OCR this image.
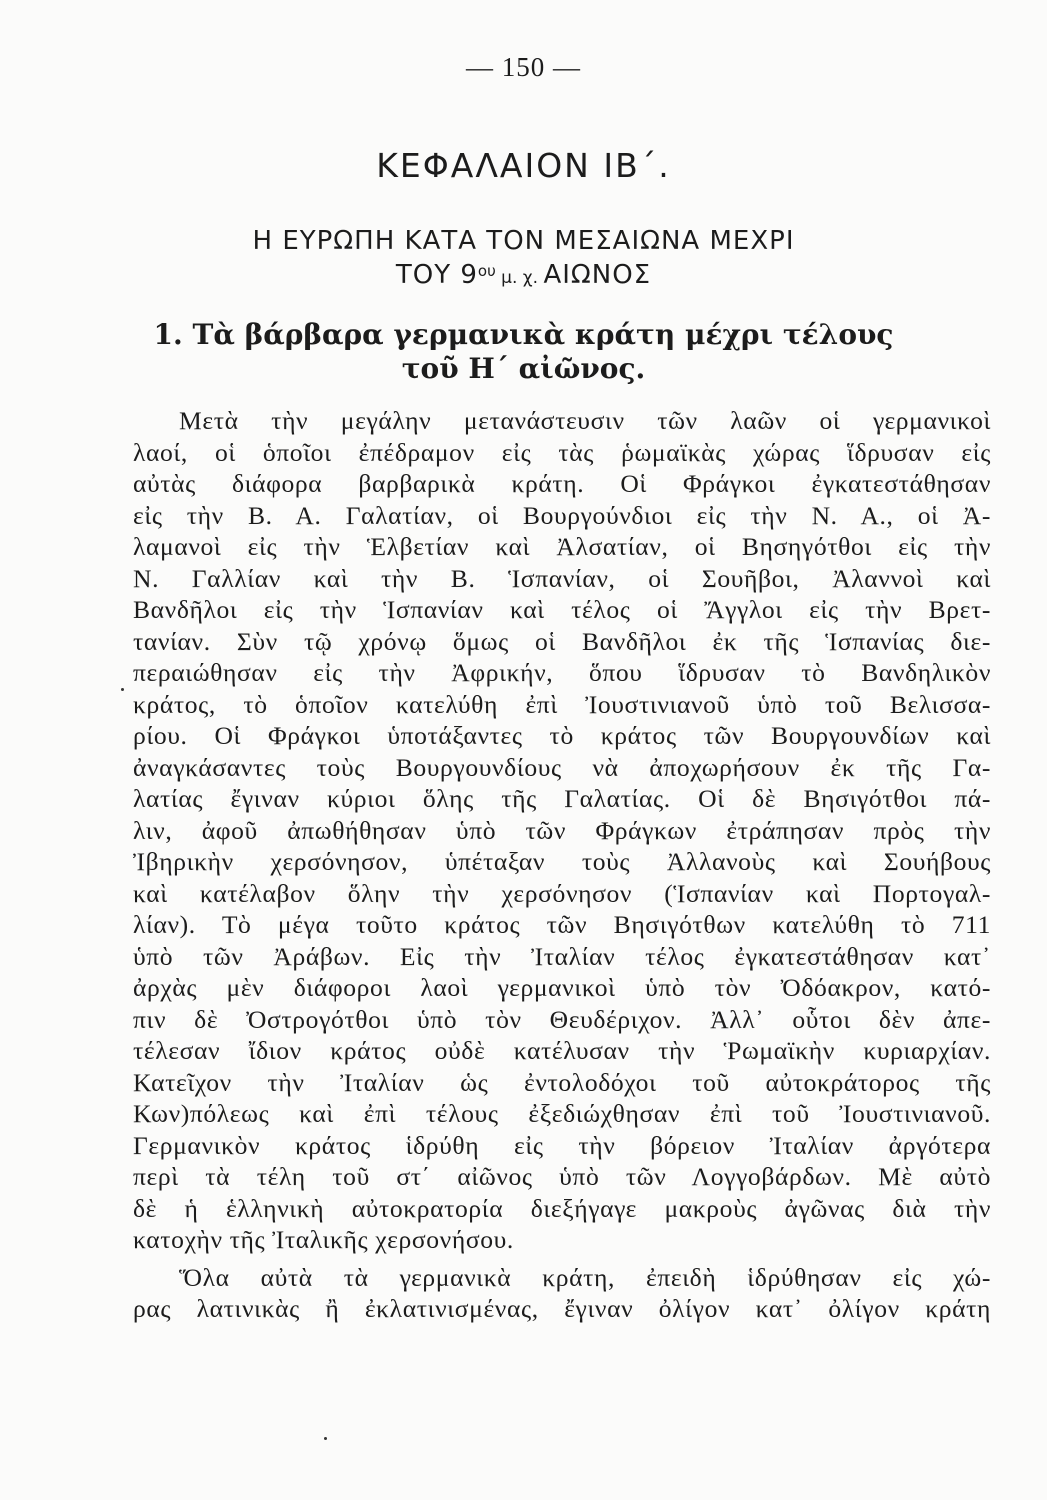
— 150 —
ΚΕΦΑΛΑΙΟΝ ΙΒ΄.
Η ΕΥΡΩΠΗ ΚΑΤΑ ΤΟΝ ΜΕΣΑΙΩΝΑ ΜΕΧΡΙ
ΤΟΥ $9^{o\upsilon}$ μ. χ. ΑΙΩΝΟΣ
1. Τὰ βάρβαρα γερμανικὰ κράτη μέχρι τέλους
τοῦ Η΄ αἰῶνος.
Μετὰ τὴν μεγάλην μετανάστευσιν τῶν λαῶν οἱ γερμανικοὶ
λαοί, οἱ ὁποῖοι ἐπέδραμον εἰς τὰς ῥωμαϊκὰς χώρας ἵδρυσαν εἰς
αὐτὰς διάφορα βαρβαρικὰ κράτη. Οἱ Φράγκοι ἐγκατεστάθησαν
εἰς τὴν Β. Α. Γαλατίαν, οἱ Βουργούνδιοι εἰς τὴν Ν. Α., οἱ Ἀ-
λαμανοὶ εἰς τὴν Ἑλβετίαν καὶ Ἀλσατίαν, οἱ Βησηγότθοι εἰς τὴν
Ν. Γαλλίαν καὶ τὴν Β. Ἱσπανίαν, οἱ Σουῆβοι, Ἀλαννοὶ καὶ
Βανδῆλοι εἰς τὴν Ἱσπανίαν καὶ τέλος οἱ Ἄγγλοι εἰς τὴν Βρετ-
τανίαν. Σὺν τῷ χρόνῳ ὅμως οἱ Βανδῆλοι ἐκ τῆς Ἱσπανίας διε-
περαιώθησαν εἰς τὴν Ἀφρικήν, ὅπου ἵδρυσαν τὸ Βανδηλικὸν
κράτος, τὸ ὁποῖον κατελύθη ἐπὶ Ἰουστινιανοῦ ὑπὸ τοῦ Βελισσα-
ρίου. Οἱ Φράγκοι ὑποτάξαντες τὸ κράτος τῶν Βουργουνδίων καὶ
ἀναγκάσαντες τοὺς Βουργουνδίους νὰ ἀποχωρήσουν ἐκ τῆς Γα-
λατίας ἔγιναν κύριοι ὅλης τῆς Γαλατίας. Οἱ δὲ Βησιγότθοι πά-
λιν, ἀφοῦ ἀπωθήθησαν ὑπὸ τῶν Φράγκων ἐτράπησαν πρὸς τὴν
Ἰβηρικὴν χερσόνησον, ὑπέταξαν τοὺς Ἀλλανοὺς καὶ Σουήβους
καὶ κατέλαβον ὅλην τὴν χερσόνησον (Ἱσπανίαν καὶ Πορτογαλ-
λίαν). Τὸ μέγα τοῦτο κράτος τῶν Βησιγότθων κατελύθη τὸ 711
ὑπὸ τῶν Ἀράβων. Εἰς τὴν Ἰταλίαν τέλος ἐγκατεστάθησαν κατ᾿
ἀρχὰς μὲν διάφοροι λαοὶ γερμανικοὶ ὑπὸ τὸν Ὀδόακρον, κατό-
πιν δὲ Ὀστρογότθοι ὑπὸ τὸν Θευδέριχον. Ἀλλ᾿ οὗτοι δὲν ἀπε-
τέλεσαν ἴδιον κράτος οὐδὲ κατέλυσαν τὴν Ῥωμαϊκὴν κυριαρχίαν.
Κατεῖχον τὴν Ἰταλίαν ὡς ἐντολοδόχοι τοῦ αὐτοκράτορος τῆς
Κων)πόλεως καὶ ἐπὶ τέλους ἐξεδιώχθησαν ἐπὶ τοῦ Ἰουστινιανοῦ.
Γερμανικὸν κράτος ἱδρύθη εἰς τὴν βόρειον Ἰταλίαν ἀργότερα
περὶ τὰ τέλη τοῦ στ΄ αἰῶνος ὑπὸ τῶν Λογγοβάρδων. Μὲ αὐτὸ
δὲ ἡ ἑλληνικὴ αὐτοκρατορία διεξήγαγε μακροὺς ἀγῶνας διὰ τὴν
κατοχὴν τῆς Ἰταλικῆς χερσονήσου.
Ὅλα αὐτὰ τὰ γερμανικὰ κράτη, ἐπειδὴ ἱδρύθησαν εἰς χώ-
ρας λατινικὰς ἢ ἐκλατινισμένας, ἔγιναν ὀλίγον κατ᾿ ὀλίγον κράτη
